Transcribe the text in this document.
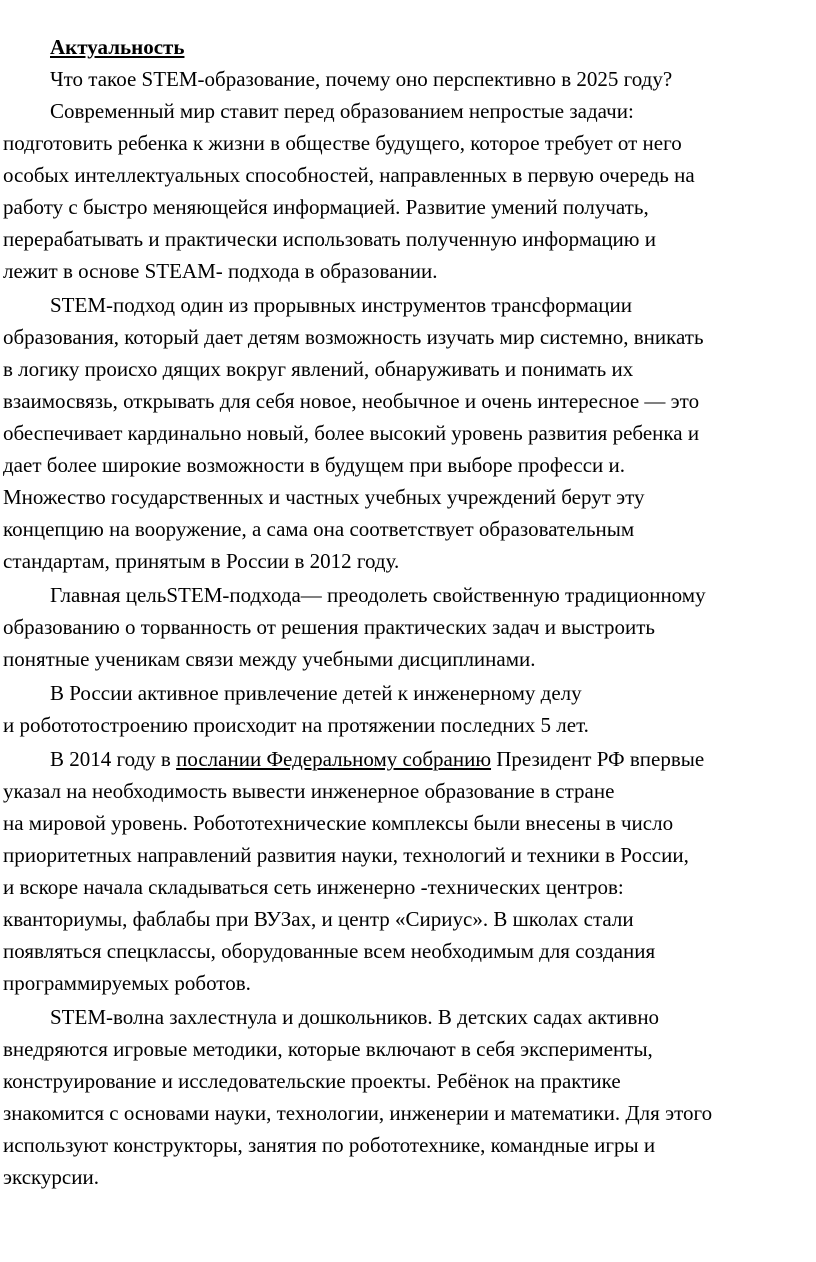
Актуальность
Что такое STEM-образование, почему оно перспективно в 2025 году?
Современный мир ставит перед образованием непростые задачи:
подготовить ребенка к жизни в обществе будущего, которое требует от него
особых интеллектуальных способностей, направленных в первую очередь на
работу с быстро меняющейся информацией. Развитие умений получать,
перерабатывать и практически использовать полученную информацию и
лежит в основе STEAM- подхода в образовании.
STEM-подход один из прорывных инструментов трансформации
образования, который дает детям возможность изучать мир системно, вникать
в логику происхо дящих вокруг явлений, обнаруживать и понимать их
взаимосвязь, открывать для себя новое, необычное и очень интересное — это
обеспечивает кардинально новый, более высокий уровень развития ребенка и
дает более широкие возможности в будущем при выборе професси и.
Множество государственных и частных учебных учреждений берут эту
концепцию на вооружение, а сама она соответствует образовательным
стандартам, принятым в России в 2012 году.
Главная цельSTEM-подхода— преодолеть свойственную традиционному
образованию о торванность от решения практических задач и выстроить
понятные ученикам связи между учебными дисциплинами.
В России активное привлечение детей к инженерному делу
и робототостроению происходит на протяжении последних 5 лет.
В 2014 году в послании Федеральному собранию Президент РФ впервые
указал на необходимость вывести инженерное образование в стране
на мировой уровень. Робототехнические комплексы были внесены в число
приоритетных направлений развития науки, технологий и техники в России,
и вскоре начала складываться сеть инженерно -технических центров:
кванториумы, фаблабы при ВУЗах, и центр «Сириус». В школах стали
появляться спецклассы, оборудованные всем необходимым для создания
программируемых роботов.
STEM-волна захлестнула и дошкольников. В детских садах активно
внедряются игровые методики, которые включают в себя эксперименты,
конструирование и исследовательские проекты. Ребёнок на практике
знакомится с основами науки, технологии, инженерии и математики. Для этого
используют конструкторы, занятия по робототехнике, командные игры и
экскурсии.
